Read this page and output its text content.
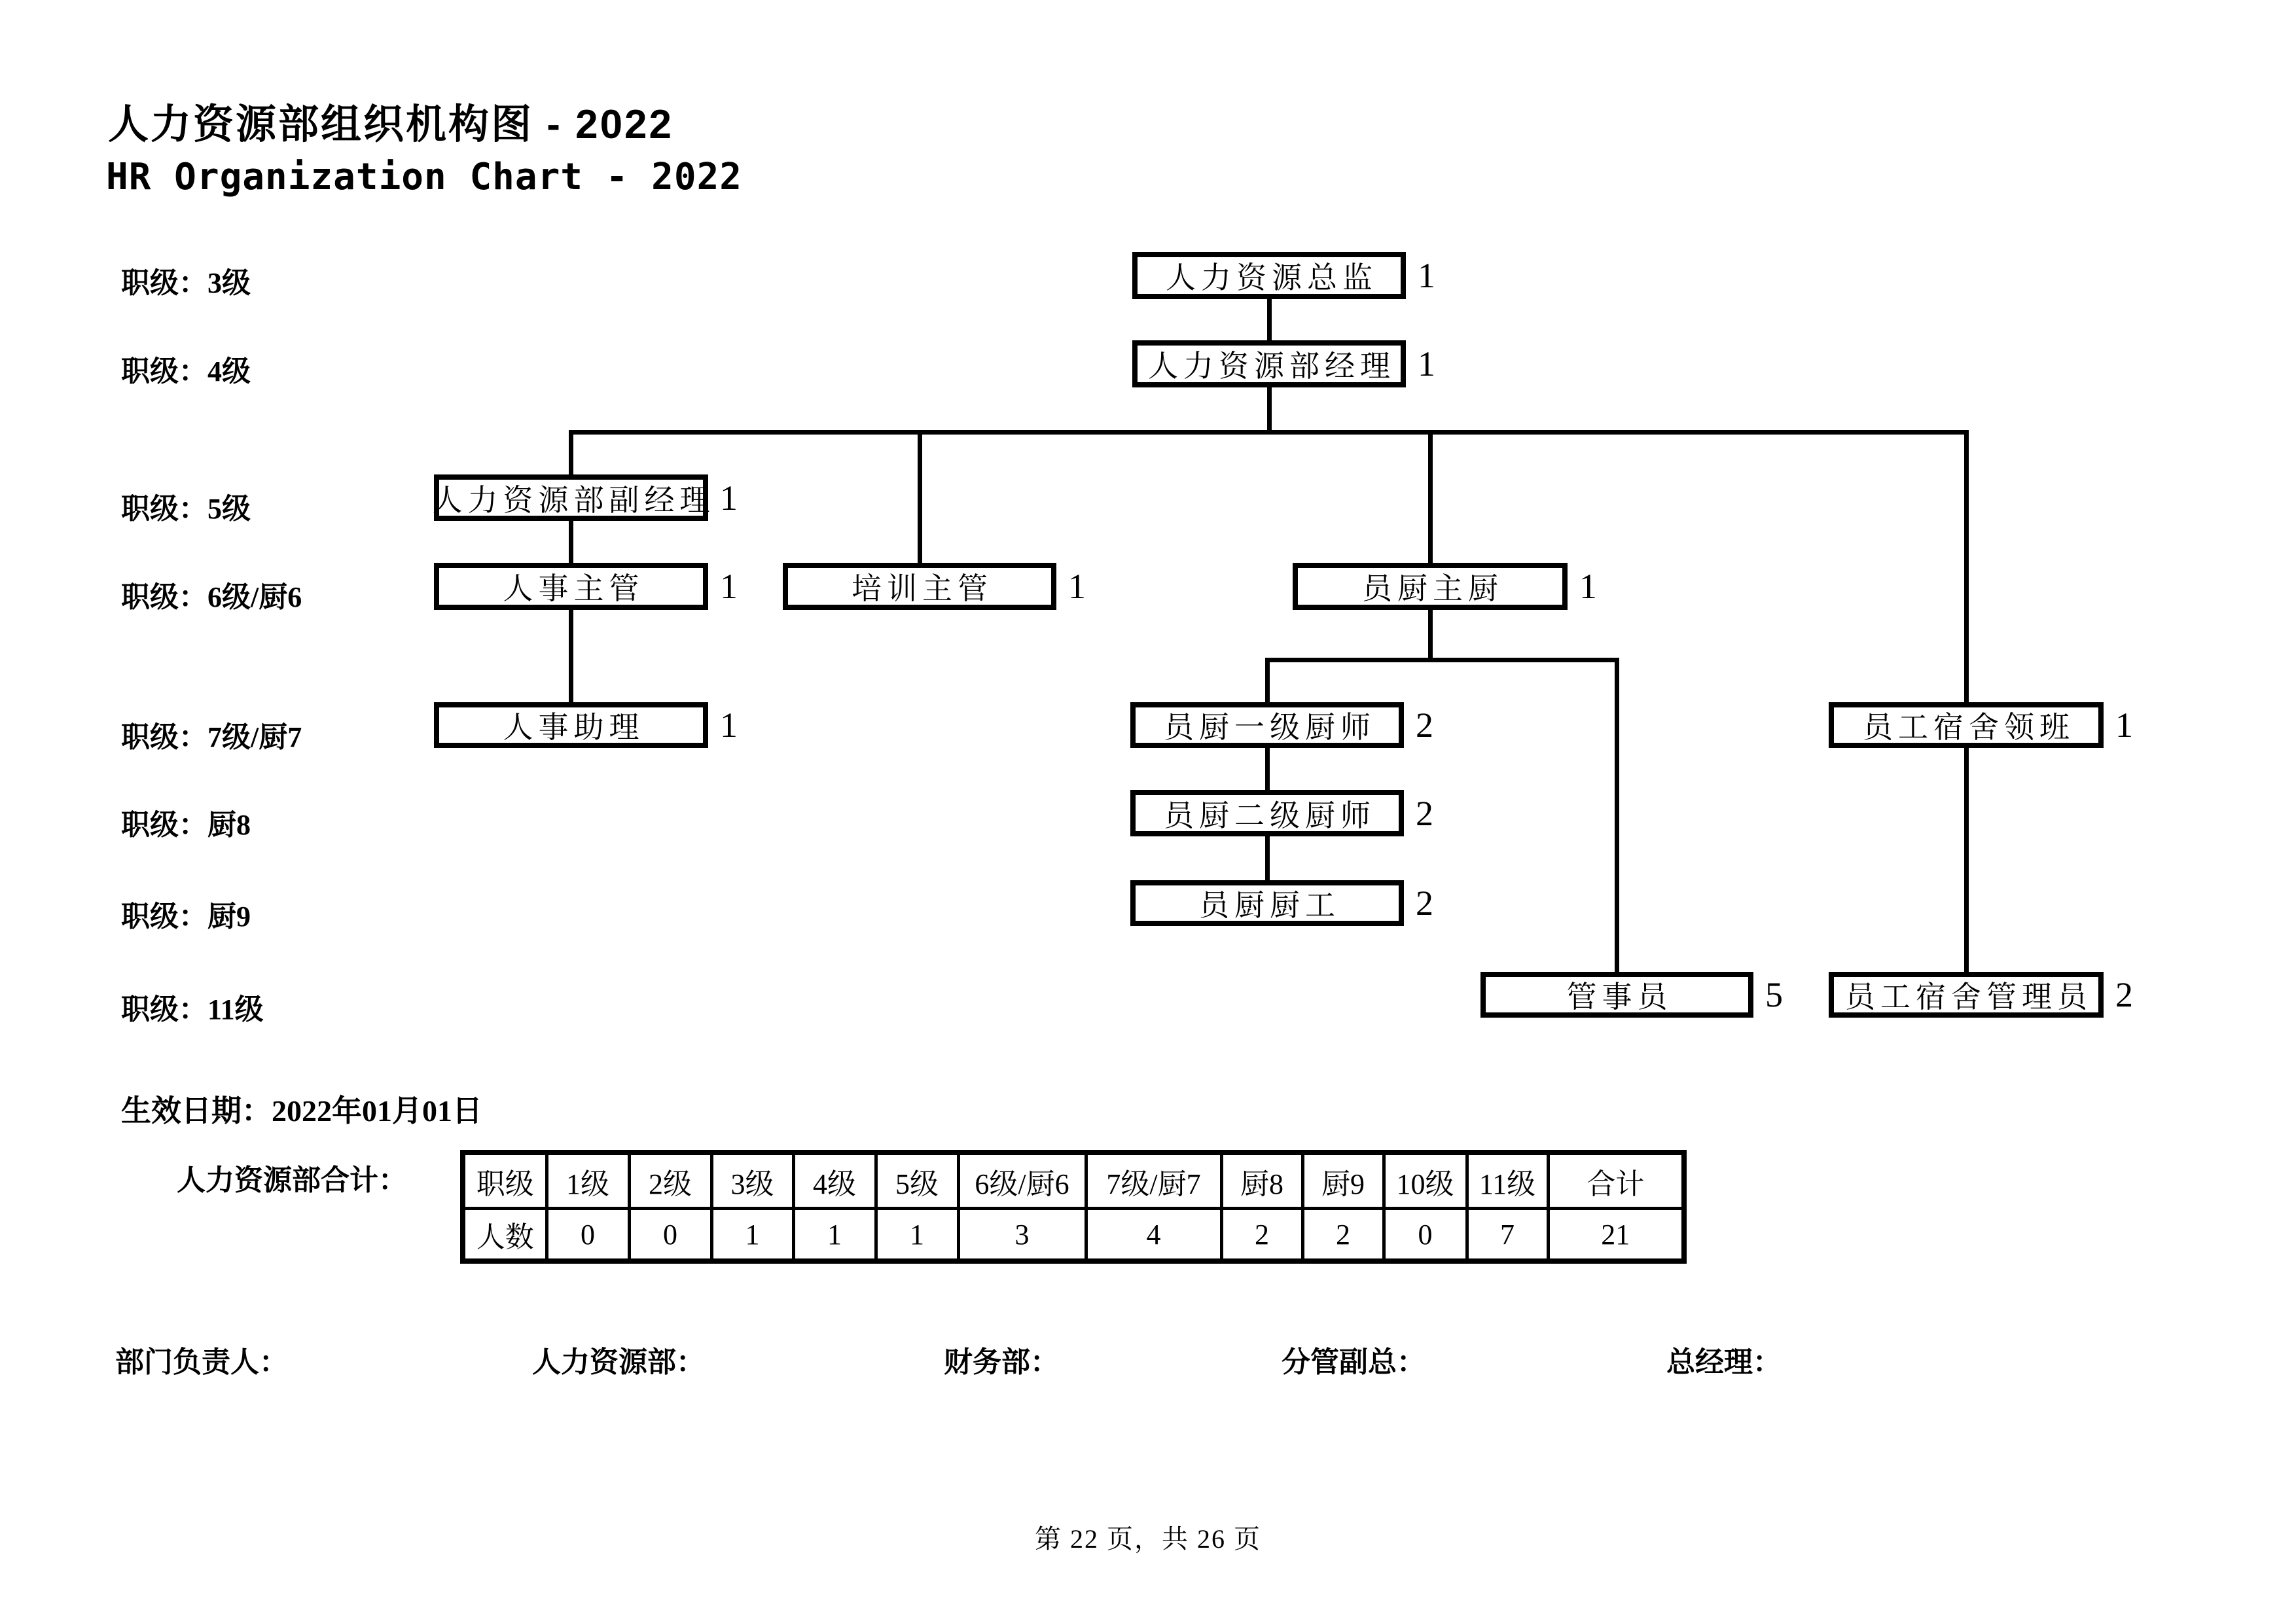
人力资源部组织机构图 - 2022
HR Organization Chart - 2022
职级：3级
职级：4级
职级：5级
职级：6级/厨6
职级：7级/厨7
职级：厨8
职级：厨9
职级：11级
人力资源总监	1
人力资源部经理 1
人力资源部副经理 1
人事主管	1	培训主管	1	员厨主厨	1
人事助理	1	员厨一级厨师	2	员工宿舍领班	1
员厨二级厨师	2
员厨厨工	2
管事员	5	员工宿舍管理员 2
生效日期：2022年01月01日
人力资源部合计： 职级	1级	2级	3级	4级	5级	6级/厨6	7级/厨7	厨8	厨9	10级	11级	合计
人数	0	0	1	1	1	3	4	2	2	0	7	21
部门负责人：	人力资源部：	财务部：	分管副总：	总经理：
第 22 页，共 26 页
